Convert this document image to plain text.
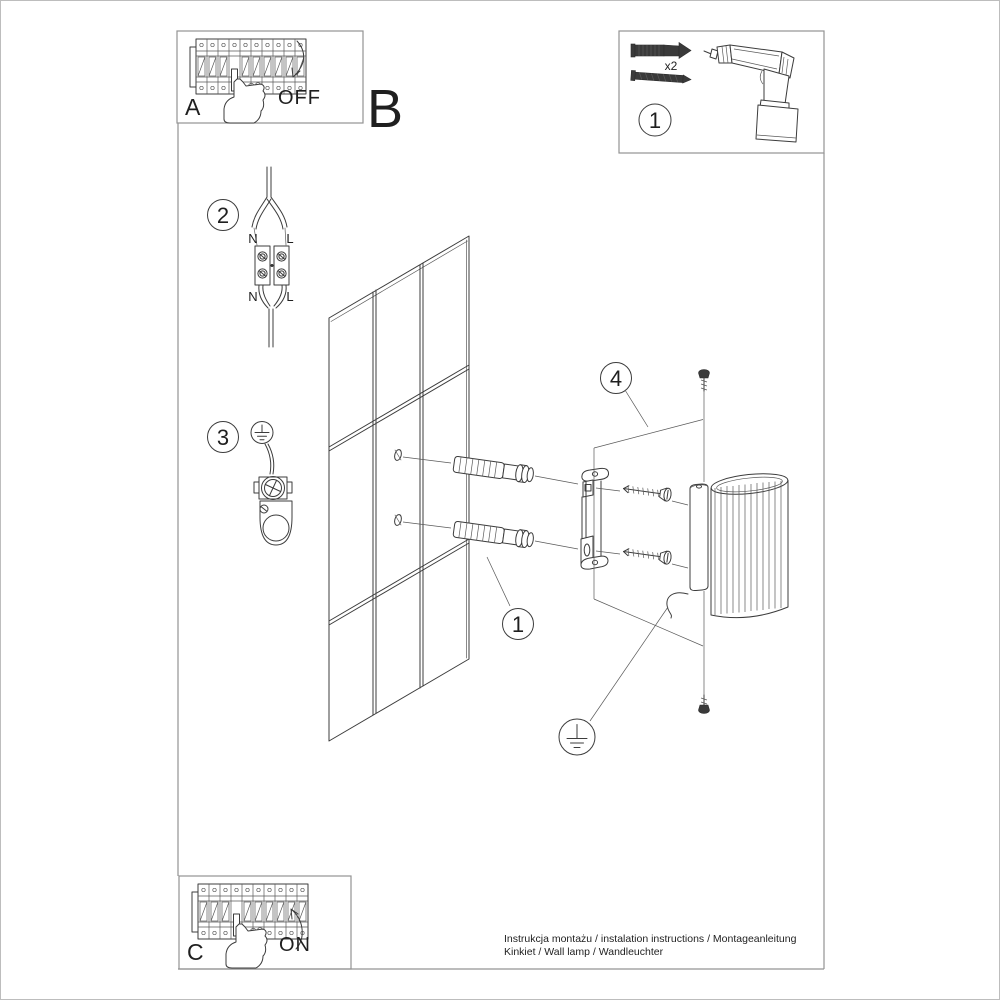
A	OFF B
x2
1
2
N L
N L
3
4
1
C	ON	Instrukcja montażu / instalation instructions / Montageanleitung
Kinkiet / Wall lamp / Wandleuchter
